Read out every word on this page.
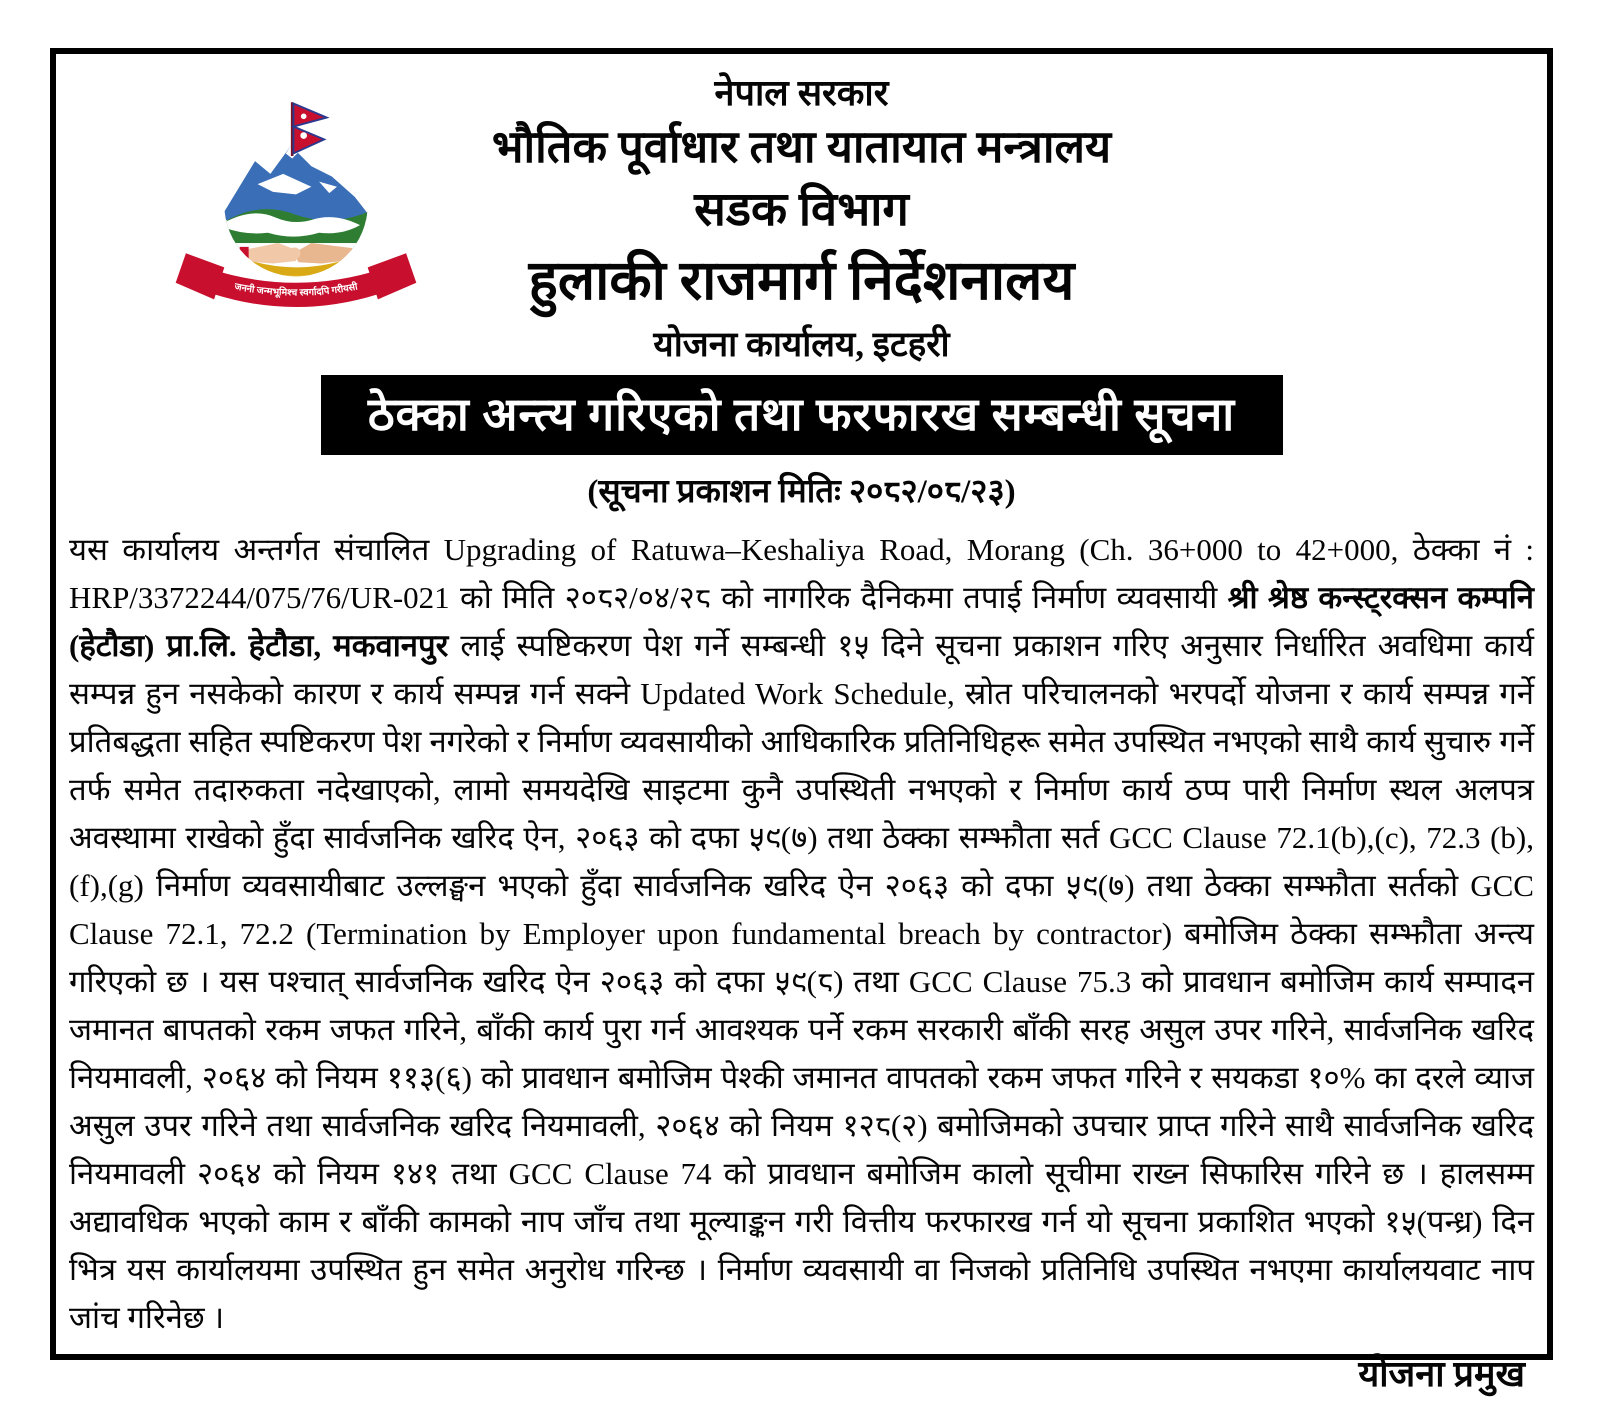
जननी जन्मभूमिश्च स्वर्गादपि गरीयसी
नेपाल सरकार
भौतिक पूर्वाधार तथा यातायात मन्त्रालय
सडक विभाग
हुलाकी राजमार्ग निर्देशनालय
योजना कार्यालय, इटहरी
ठेक्का अन्त्य गरिएको तथा फरफारख सम्बन्धी सूचना
(सूचना प्रकाशन मितिः २०८२/०८/२३)
यस कार्यालय अन्तर्गत संचालित Upgrading of Ratuwa–Keshaliya Road, Morang (Ch. 36+000 to 42+000, ठेक्का नं : HRP/3372244/075/76/UR-021 को मिति २०८२/०४/२८ को नागरिक दैनिकमा तपाई निर्माण व्यवसायी श्री श्रेष्ठ कन्स्ट्रक्सन कम्पनि (हेटौडा) प्रा.लि. हेटौडा, मकवानपुर लाई स्पष्टिकरण पेश गर्ने सम्बन्धी १५ दिने सूचना प्रकाशन गरिए अनुसार निर्धारित अवधिमा कार्य सम्पन्न हुन नसकेको कारण र कार्य सम्पन्न गर्न सक्ने Updated Work Schedule, स्रोत परिचालनको भरपर्दो योजना र कार्य सम्पन्न गर्ने प्रतिबद्धता सहित स्पष्टिकरण पेश नगरेको र निर्माण व्यवसायीको आधिकारिक प्रतिनिधिहरू समेत उपस्थित नभएको साथै कार्य सुचारु गर्ने तर्फ समेत तदारुकता नदेखाएको, लामो समयदेखि साइटमा कुनै उपस्थिती नभएको र निर्माण कार्य ठप्प पारी निर्माण स्थल अलपत्र अवस्थामा राखेको हुँदा सार्वजनिक खरिद ऐन, २०६३ को दफा ५९(७) तथा ठेक्का सम्झौता सर्त GCC Clause 72.1(b),(c), 72.3 (b),(f),(g) निर्माण व्यवसायीबाट उल्लङ्घन भएको हुँदा सार्वजनिक खरिद ऐन २०६३ को दफा ५९(७) तथा ठेक्का सम्झौता सर्तको GCC Clause 72.1, 72.2 (Termination by Employer upon fundamental breach by contractor) बमोजिम ठेक्का सम्झौता अन्त्य गरिएको छ । यस पश्चात् सार्वजनिक खरिद ऐन २०६३ को दफा ५९(८) तथा GCC Clause 75.3 को प्रावधान बमोजिम कार्य सम्पादन जमानत बापतको रकम जफत गरिने, बाँकी कार्य पुरा गर्न आवश्यक पर्ने रकम सरकारी बाँकी सरह असुल उपर गरिने, सार्वजनिक खरिद नियमावली, २०६४ को नियम ११३(६) को प्रावधान बमोजिम पेश्की जमानत वापतको रकम जफत गरिने र सयकडा १०% का दरले व्याज असुल उपर गरिने तथा सार्वजनिक खरिद नियमावली, २०६४ को नियम १२८(२) बमोजिमको उपचार प्राप्त गरिने साथै सार्वजनिक खरिद नियमावली २०६४ को नियम १४१ तथा GCC Clause 74 को प्रावधान बमोजिम कालो सूचीमा राख्न सिफारिस गरिने छ । हालसम्म अद्यावधिक भएको काम र बाँकी कामको नाप जाँच तथा मूल्याङ्कन गरी वित्तीय फरफारख गर्न यो सूचना प्रकाशित भएको १५(पन्ध्र) दिन भित्र यस कार्यालयमा उपस्थित हुन समेत अनुरोध गरिन्छ । निर्माण व्यवसायी वा निजको प्रतिनिधि उपस्थित नभएमा कार्यालयवाट नाप जांच गरिनेछ ।
योजना प्रमुख
